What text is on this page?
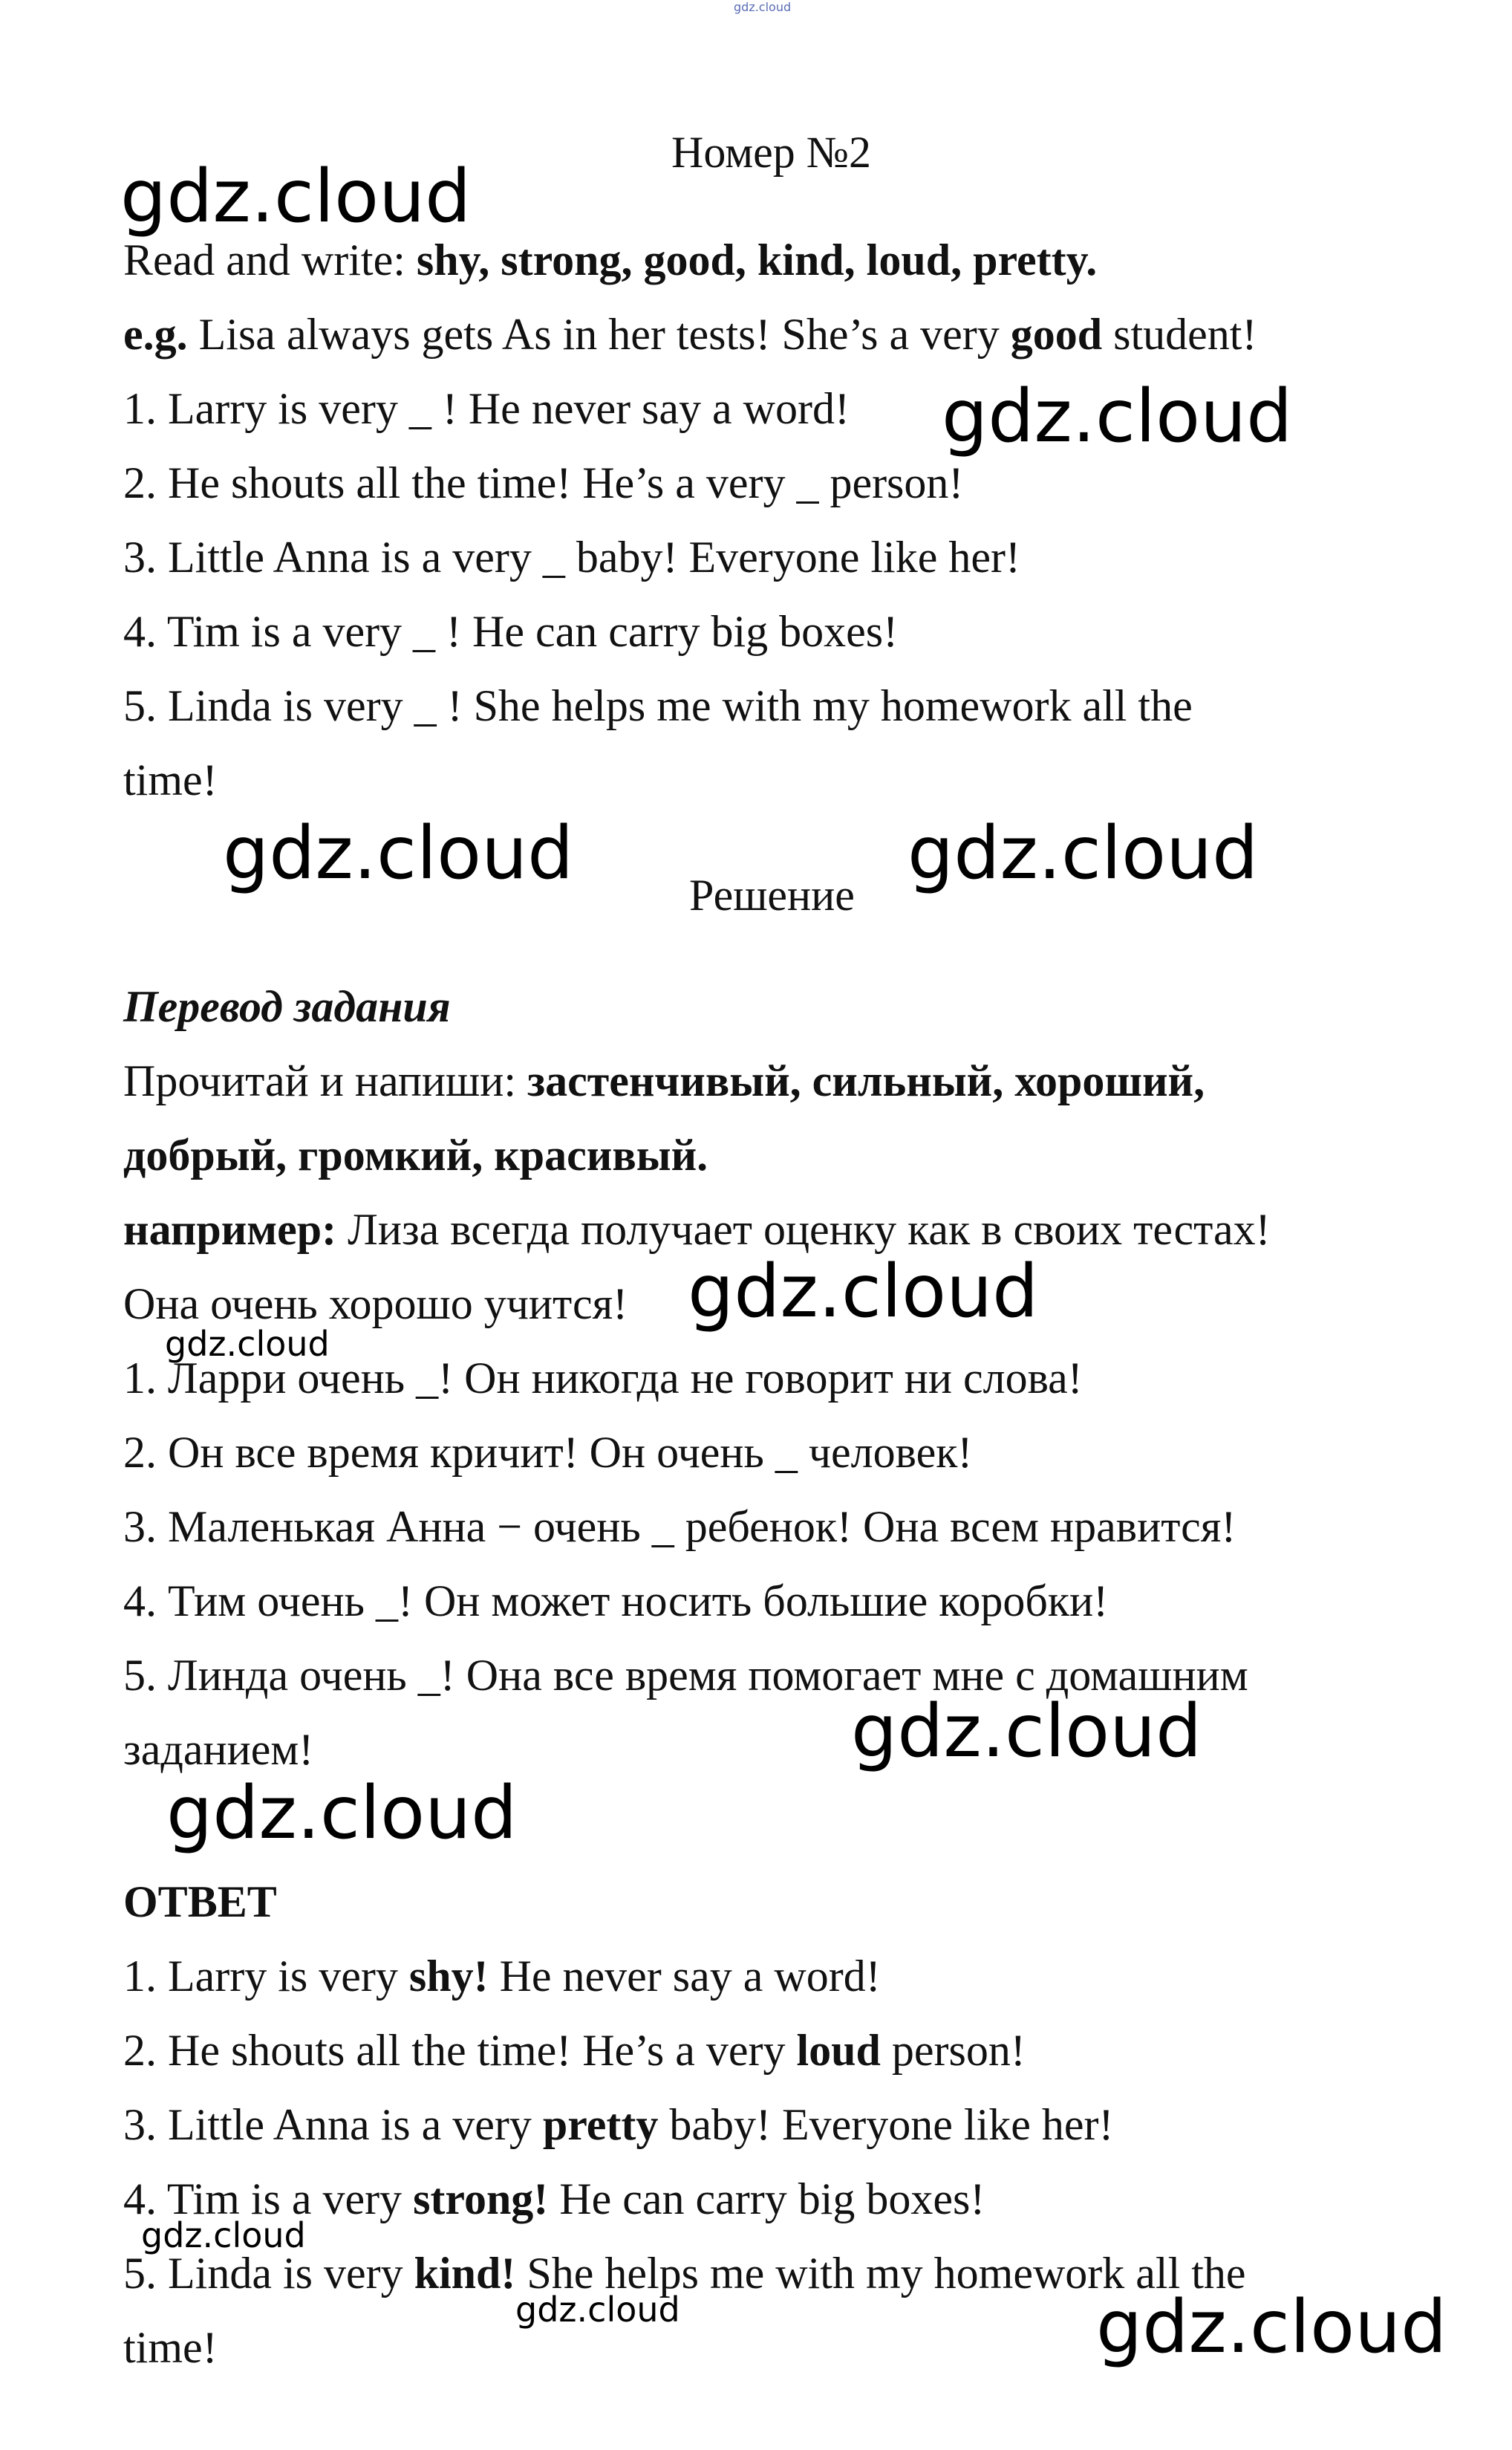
gdz.cloud
Номер №2
gdz.cloud
gdz.cloud
gdz.cloud	gdz.cloud
gdz.cloud
gdz.cloud
gdz.cloud
gdz.cloud
gdz.cloud
gdz.cloud	gdz.cloud
Read and write: shy, strong, good, kind, loud, pretty.
e.g. Lisa always gets As in her tests! She’s a very good student!
1. Larry is very _ ! He never say a word!
2. He shouts all the time! He’s a very _ person!
3. Little Anna is a very _ baby! Everyone like her!
4. Tim is a very _ ! He can carry big boxes!
5. Linda is very _ ! She helps me with my homework all the
time!
Решение
Перевод задания
Прочитай и напиши: застенчивый, сильный, хороший,
добрый, громкий, красивый.
например: Лиза всегда получает оценку как в своих тестах!
Она очень хорошо учится!
1. Ларри очень _! Он никогда не говорит ни слова!
2. Он все время кричит! Он очень _ человек!
3. Маленькая Анна − очень _ ребенок! Она всем нравится!
4. Тим очень _! Он может носить большие коробки!
5. Линда очень _! Она все время помогает мне с домашним
заданием!
ОТВЕТ
1. Larry is very shy! He never say a word!
2. He shouts all the time! He’s a very loud person!
3. Little Anna is a very pretty baby! Everyone like her!
4. Tim is a very strong! He can carry big boxes!
5. Linda is very kind! She helps me with my homework all the
time!
